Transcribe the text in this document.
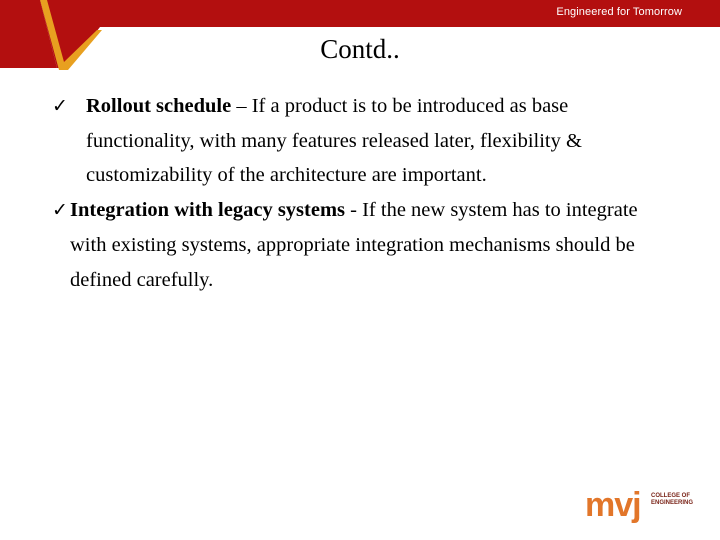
Engineered for Tomorrow
Contd..
✓ Rollout schedule – If a product is to be introduced as base functionality, with many features released later, flexibility & customizability of the architecture are important.
✓ Integration with legacy systems - If the new system has to integrate with existing systems, appropriate integration mechanisms should be defined carefully.
mvj COLLEGE OF
ENGINEERING
